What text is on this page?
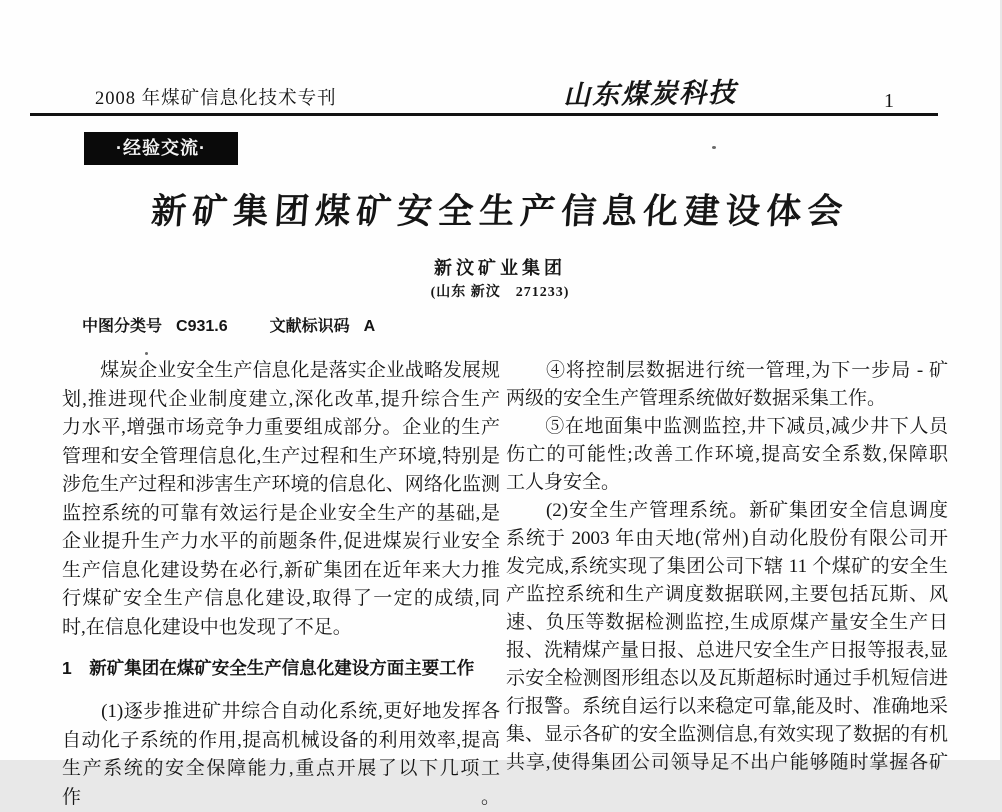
2008 年煤矿信息化技术专刊	山东煤炭科技	1
·经验交流·
新矿集团煤矿安全生产信息化建设体会
新汶矿业集团
(山东 新汶　271233)
中图分类号 C931.6	文献标识码 A
　　煤炭企业安全生产信息化是落实企业战略发展规
划,推进现代企业制度建立,深化改革,提升综合生产
力水平,增强市场竞争力重要组成部分。企业的生产
管理和安全管理信息化,生产过程和生产环境,特别是
涉危生产过程和涉害生产环境的信息化、网络化监测
监控系统的可靠有效运行是企业安全生产的基础,是
企业提升生产力水平的前题条件,促进煤炭行业安全
生产信息化建设势在必行,新矿集团在近年来大力推
行煤矿安全生产信息化建设,取得了一定的成绩,同
时,在信息化建设中也发现了不足。
1　新矿集团在煤矿安全生产信息化建设方面主要工作
　　(1)逐步推进矿井综合自动化系统,更好地发挥各
自动化子系统的作用,提高机械设备的利用效率,提高
生产系统的安全保障能力,重点开展了以下几项工作。
　　④将控制层数据进行统一管理,为下一步局 - 矿
两级的安全生产管理系统做好数据采集工作。
　　⑤在地面集中监测监控,井下减员,减少井下人员
伤亡的可能性;改善工作环境,提高安全系数,保障职
工人身安全。
　　(2)安全生产管理系统。新矿集团安全信息调度
系统于 2003 年由天地(常州)自动化股份有限公司开
发完成,系统实现了集团公司下辖 11 个煤矿的安全生
产监控系统和生产调度数据联网,主要包括瓦斯、风
速、负压等数据检测监控,生成原煤产量安全生产日
报、洗精煤产量日报、总进尺安全生产日报等报表,显
示安全检测图形组态以及瓦斯超标时通过手机短信进
行报警。系统自运行以来稳定可靠,能及时、准确地采
集、显示各矿的安全监测信息,有效实现了数据的有机
共享,使得集团公司领导足不出户能够随时掌握各矿
